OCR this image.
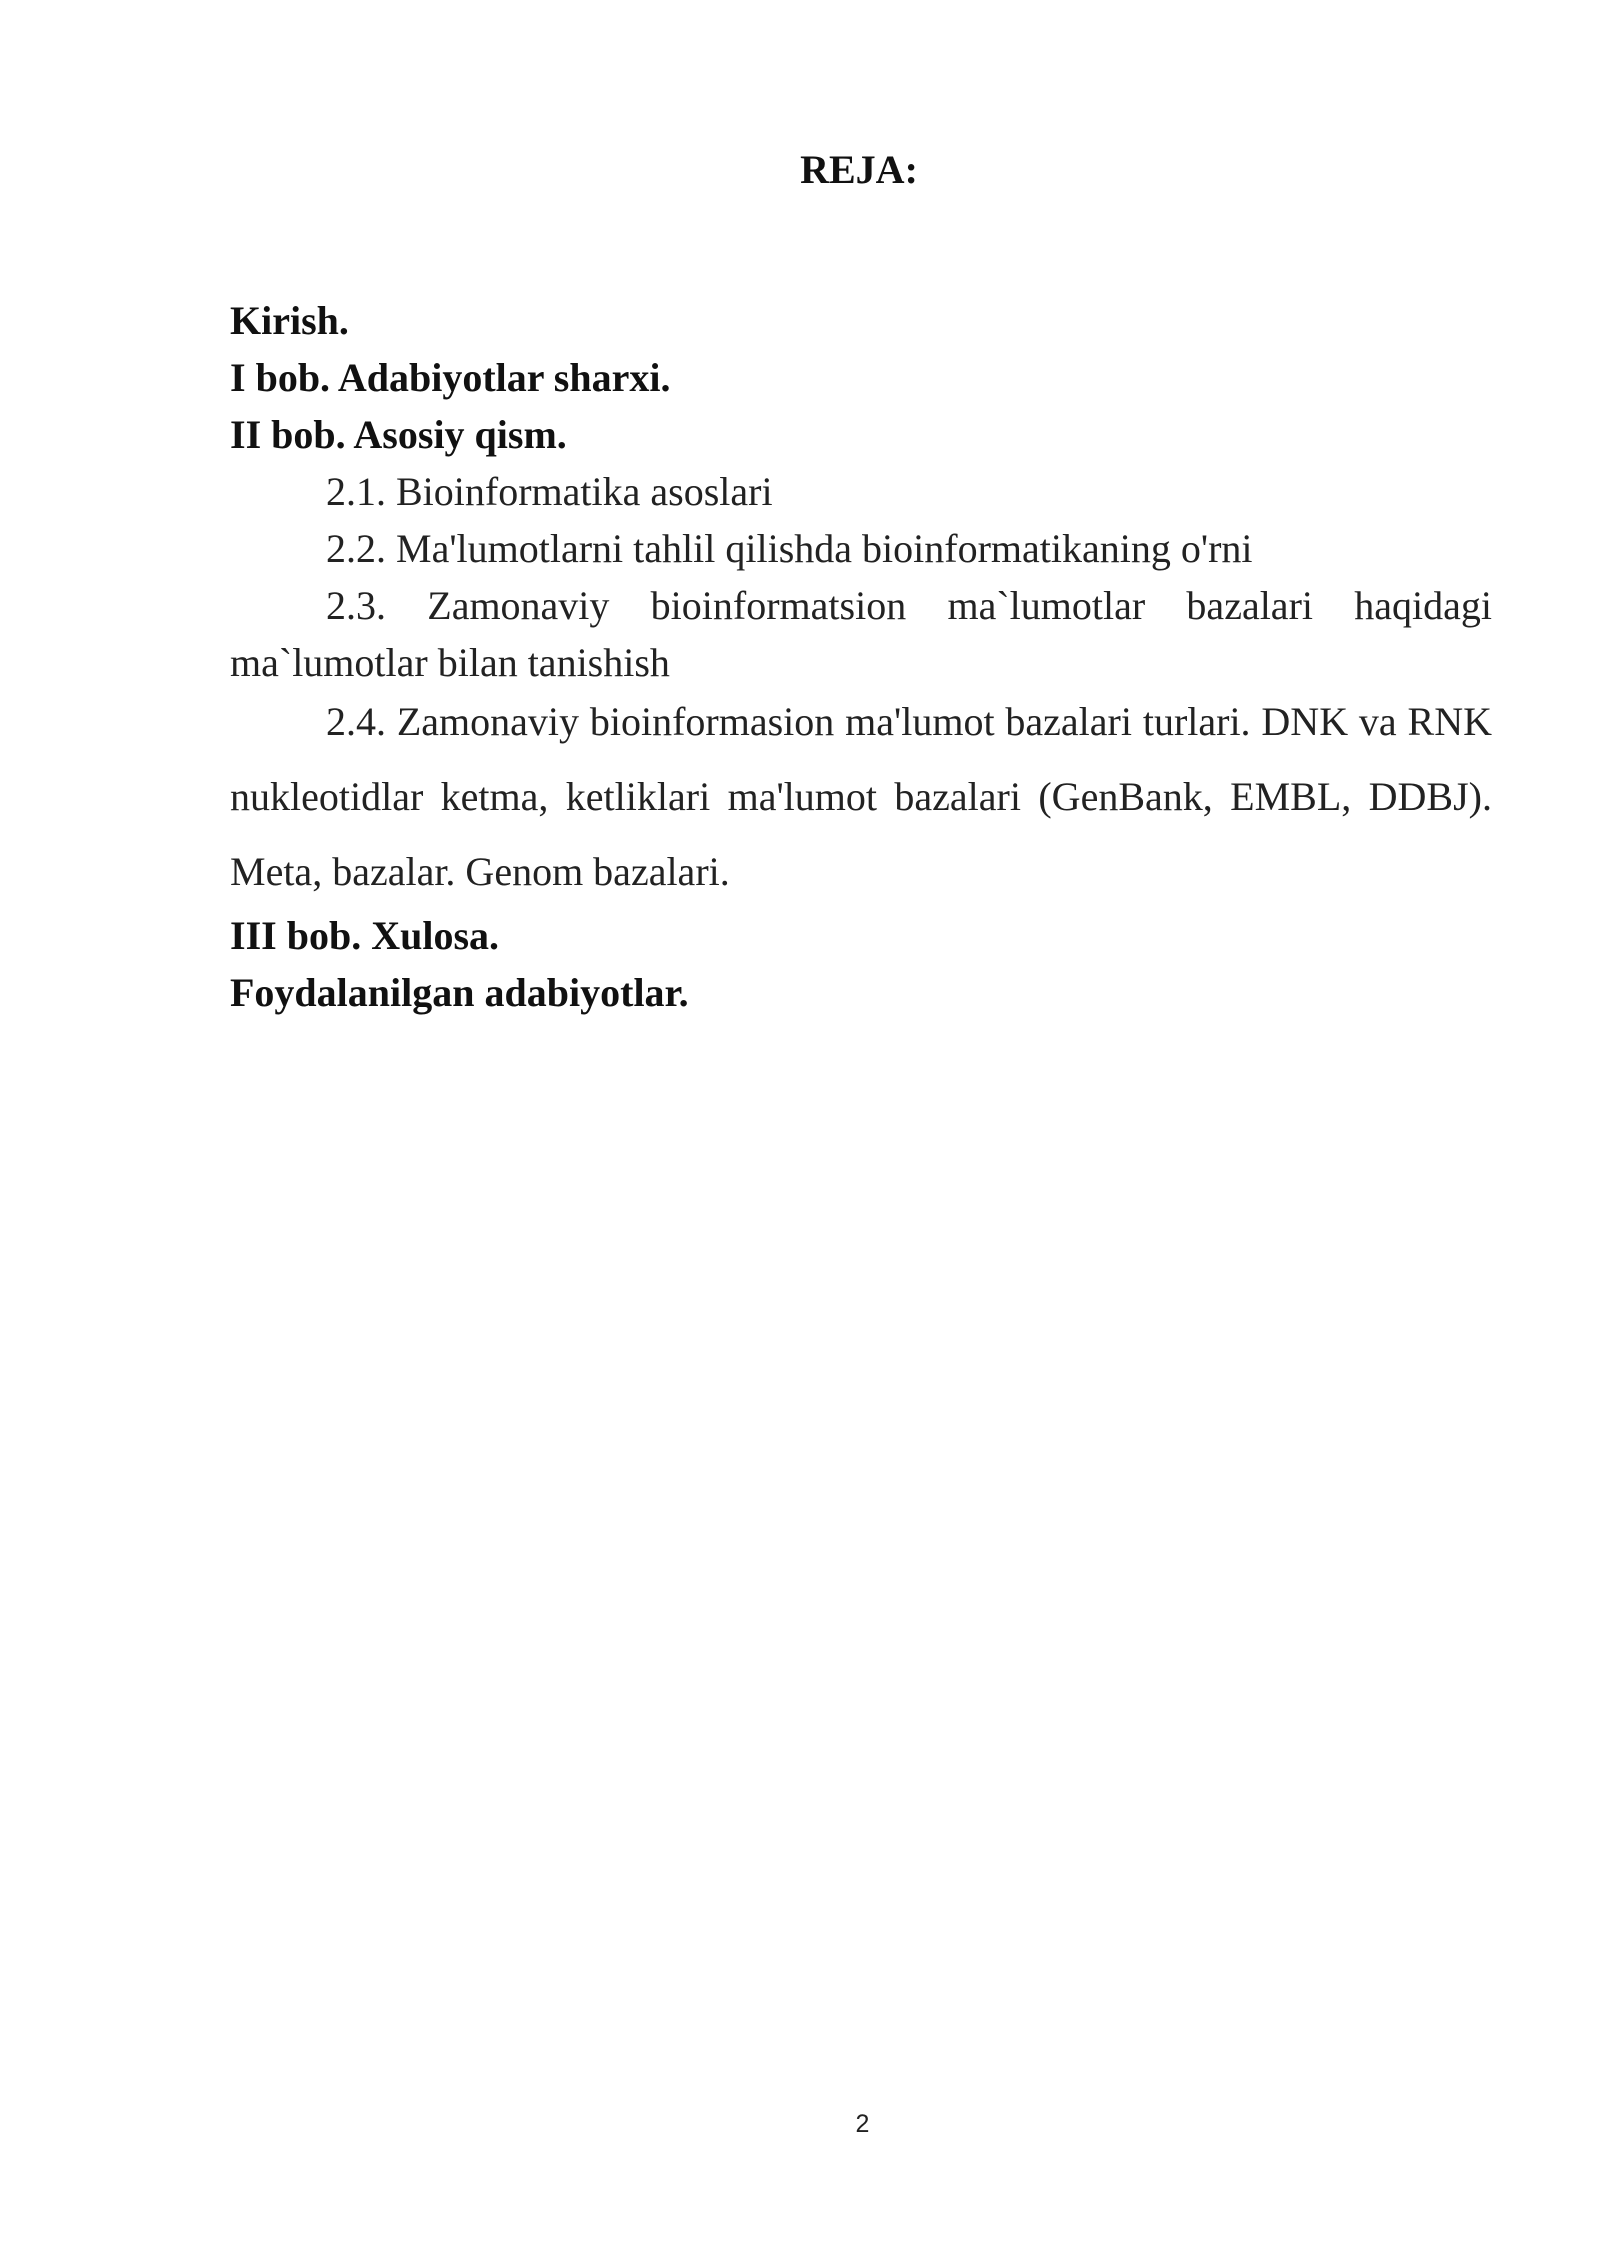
REJA:

Kirish.

I bob. Adabiyotlar sharxi.

II bob. Asosiy qism.

2.1. Bioinformatika asoslari

2.2. Ma'lumotlarni tahlil qilishda bioinformatikaning o'rni

2.3. Zamonaviy bioinformatsion ma`lumotlar bazalari haqidagi ma`lumotlar bilan tanishish

2.4. Zamonaviy bioinformasion ma'lumot bazalari turlari. DNK va RNK nukleotidlar ketma, ketliklari ma'lumot bazalari (GenBank, EMBL, DDBJ). Meta, bazalar. Genom bazalari.

III bob. Xulosa.

Foydalanilgan adabiyotlar.

2
